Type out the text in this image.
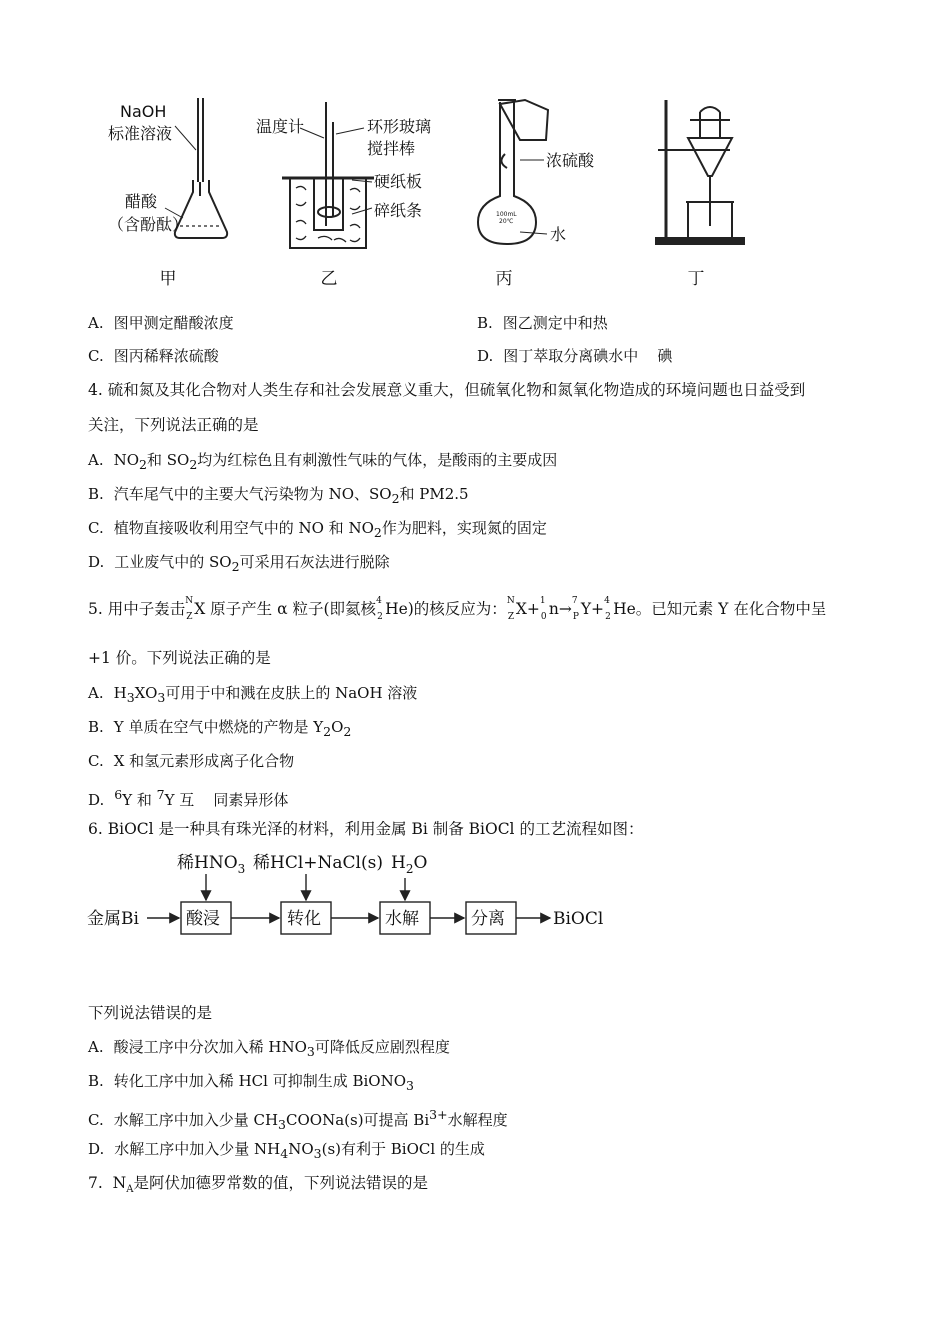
NaOH
标准溶液
醋酸
（含酚酞）
温度计	环形玻璃
搅拌棒
硬纸板
碎纸条
浓硫酸
水
100mL
20℃
甲	乙	丙	丁
A. 图甲测定醋酸浓度	B. 图乙测定中和热
C. 图丙稀释浓硫酸	D. 图丁萃取分离碘水中    碘
4. 硫和氮及其化合物对人类生存和社会发展意义重大，但硫氧化物和氮氧化物造成的环境问题也日益受到
关注，下列说法正确的是
A. $NO_2$和 $SO_2$均为红棕色且有刺激性气味的气体，是酸雨的主要成因
B. 汽车尾气中的主要大气污染物为 NO、$SO_2$和 PM2.5
C. 植物直接吸收利用空气中的 NO 和 $NO_2$作为肥料，实现氮的固定
D. 工业废气中的 $SO_2$可采用石灰法进行脱除
5. 用中子轰击 N
Z X 原子产生 α 粒子(即氦核 4
2 He)的核反应为： N
Z X+ 1
0 n→ 7
P Y+ 4
2 He。已知元素 Y 在化合物中呈
+1 价。下列说法正确的是
A. $H_3XO_3$可用于中和溅在皮肤上的 NaOH 溶液
B. Y 单质在空气中燃烧的产物是 $Y_2O_2$
C. X 和氢元素形成离子化合物
D. $^6$Y 和 $^7$Y 互    同素异形体
6. BiOCl 是一种具有珠光泽的材料，利用金属 Bi 制备 BiOCl 的工艺流程如图：
稀$HNO_3$ 稀HCl+NaCl(s) $H_2O$
金属Bi	BiOCl
酸浸	转化	水解	分离
下列说法错误的是
A. 酸浸工序中分次加入稀 $HNO_3$可降低反应剧烈程度
B. 转化工序中加入稀 HCl 可抑制生成 BiONO$_3$
C. 水解工序中加入少量 $CH_3COONa(s)$可提高 $Bi^{3+}$水解程度
D. 水解工序中加入少量 $NH_4NO_3(s)$有利于 BiOCl 的生成
7.  $N_A$是阿伏加德罗常数的值，下列说法错误的是
